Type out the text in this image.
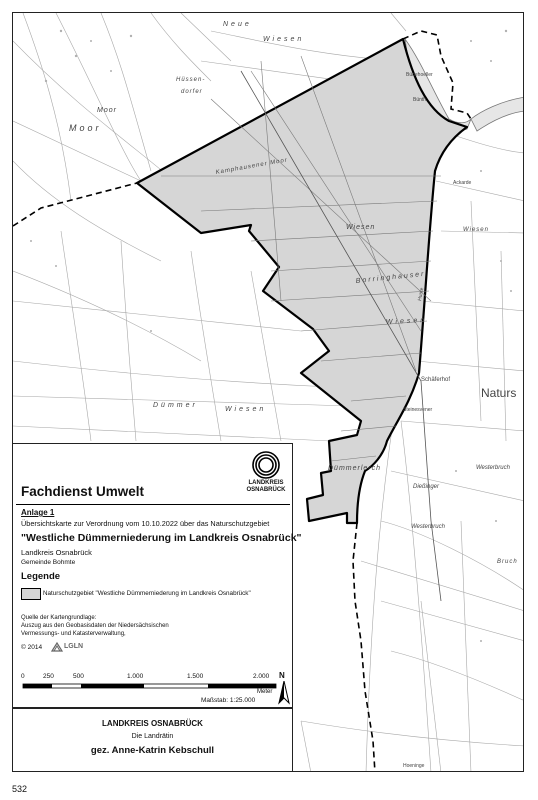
Neue
Wiesen
Hüssen-
dorfer
Moor
Moor
Kamphausener Moor
Wiesen
Borringhauser
Wiesen
Dümmer
Wiesen
Dümmerlerch
Naturs
Schäferhof
Westerbruch
Westerbruch
Dießinger
Wiesen
Bruch
Bünehoeller
Steinesvener
Hunte
Bünth
Hoeninge
Ackarde
LANDKREIS
OSNABRÜCK
Fachdienst Umwelt
Anlage 1
Übersichtskarte zur Verordnung vom 10.10.2022 über das Naturschutzgebiet
"Westliche Dümmerniederung im Landkreis Osnabrück"
Landkreis Osnabrück
Gemeinde Bohmte
Legende
Naturschutzgebiet "Westliche Dümmerniederung im Landkreis Osnabrück"
Quelle der Kartengrundlage:
Auszug aus den Geobasisdaten der Niedersächsischen
Vermessungs- und Katasterverwaltung,
© 2014	LGLN
0	250	500	1.000	1.500	2.000
Meter
Maßstab: 1:25.000
N
LANDKREIS OSNABRÜCK
Die Landrätin
gez. Anne-Katrin Kebschull
532
